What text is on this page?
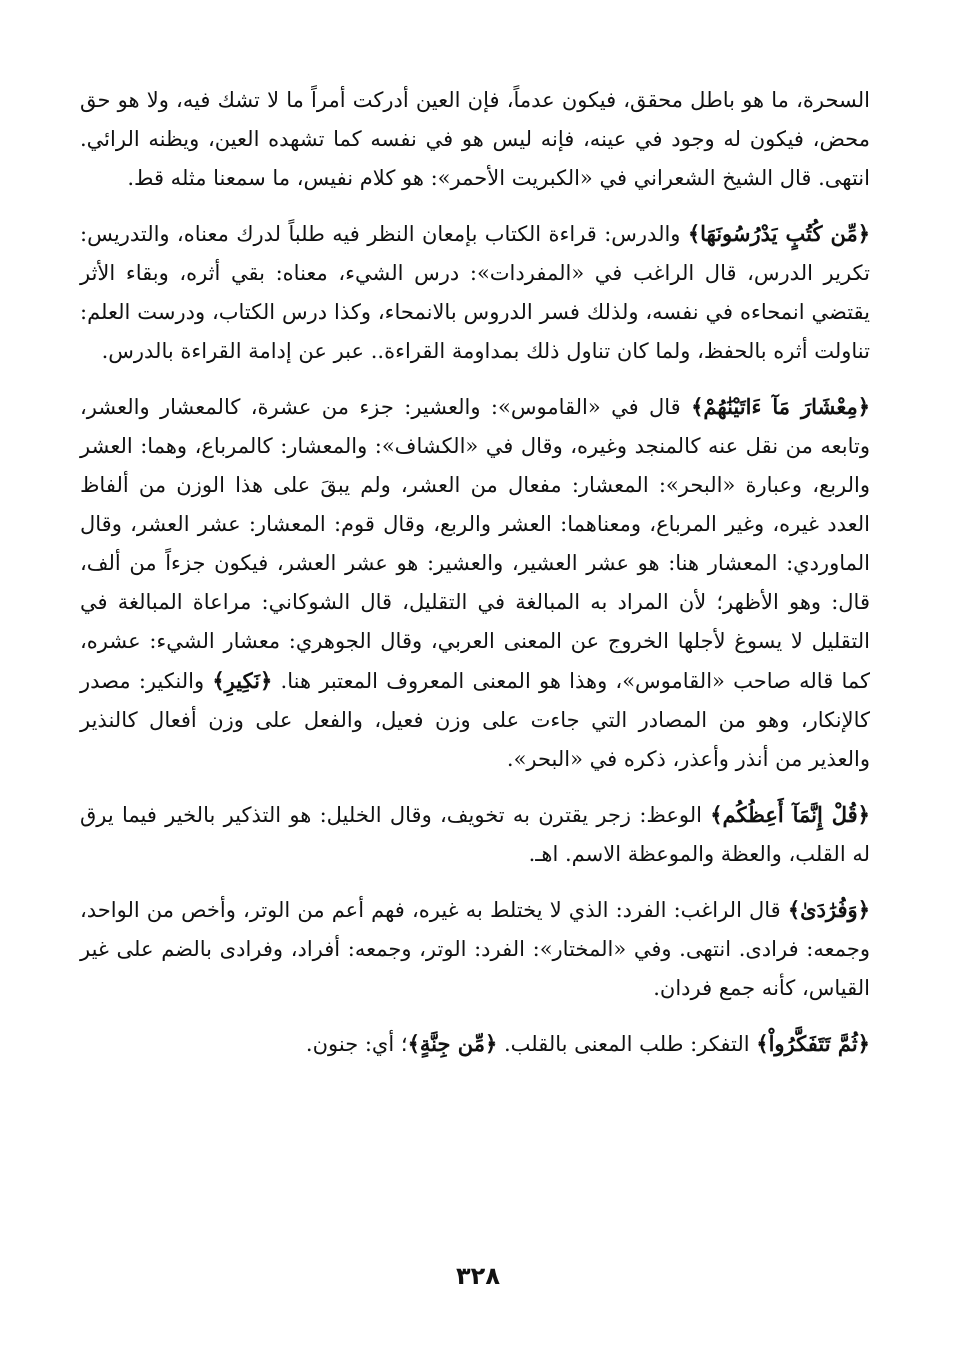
السحرة، ما هو باطل محقق، فيكون عدماً، فإن العين أدركت أمراً ما لا تشك فيه، ولا هو حق محض، فيكون له وجود في عينه، فإنه ليس هو في نفسه كما تشهده العين، ويظنه الرائي. انتهى. قال الشيخ الشعراني في «الكبريت الأحمر»: هو كلام نفيس، ما سمعنا مثله قط.

﴿مِّن كُتُبٍ يَدْرُسُونَهَا﴾ والدرس: قراءة الكتاب بإمعان النظر فيه طلباً لدرك معناه، والتدريس: تكرير الدرس، قال الراغب في «المفردات»: درس الشيء، معناه: بقي أثره، وبقاء الأثر يقتضي انمحاءه في نفسه، ولذلك فسر الدروس بالانمحاء، وكذا درس الكتاب، ودرست العلم: تناولت أثره بالحفظ، ولما كان تناول ذلك بمداومة القراءة.. عبر عن إدامة القراءة بالدرس.

﴿مِعْشَارَ مَآ ءَاتَيْنَٰهُمْ﴾ قال في «القاموس»: والعشير: جزء من عشرة، كالمعشار والعشر، وتابعه من نقل عنه كالمنجد وغيره، وقال في «الكشاف»: والمعشار: كالمرباع، وهما: العشر والربع، وعبارة «البحر»: المعشار: مفعال من العشر، ولم يبقَ على هذا الوزن من ألفاظ العدد غيره، وغير المرباع، ومعناهما: العشر والربع، وقال قوم: المعشار: عشر العشر، وقال الماوردي: المعشار هنا: هو عشر العشير، والعشير: هو عشر العشر، فيكون جزءاً من ألف، قال: وهو الأظهر؛ لأن المراد به المبالغة في التقليل، قال الشوكاني: مراعاة المبالغة في التقليل لا يسوغ لأجلها الخروج عن المعنى العربي، وقال الجوهري: معشار الشيء: عشره، كما قاله صاحب «القاموس»، وهذا هو المعنى المعروف المعتبر هنا. ﴿نَكِيرِ﴾ والنكير: مصدر كالإنكار، وهو من المصادر التي جاءت على وزن فعيل، والفعل على وزن أفعال كالنذير والعذير من أنذر وأعذر، ذكره في «البحر».

﴿قُلْ إِنَّمَآ أَعِظُكُم﴾ الوعظ: زجر يقترن به تخويف، وقال الخليل: هو التذكير بالخير فيما يرق له القلب، والعظة والموعظة الاسم. اهـ.

﴿وَفُرَٰدَىٰ﴾ قال الراغب: الفرد: الذي لا يختلط به غيره، فهم أعم من الوتر، وأخص من الواحد، وجمعه: فرادى. انتهى. وفي «المختار»: الفرد: الوتر، وجمعه: أفراد، وفرادى بالضم على غير القياس، كأنه جمع فردان.

﴿ثُمَّ تَتَفَكَّرُواْ﴾ التفكر: طلب المعنى بالقلب. ﴿مِّن جِنَّةٍ﴾؛ أي: جنون.

٣٢٨
